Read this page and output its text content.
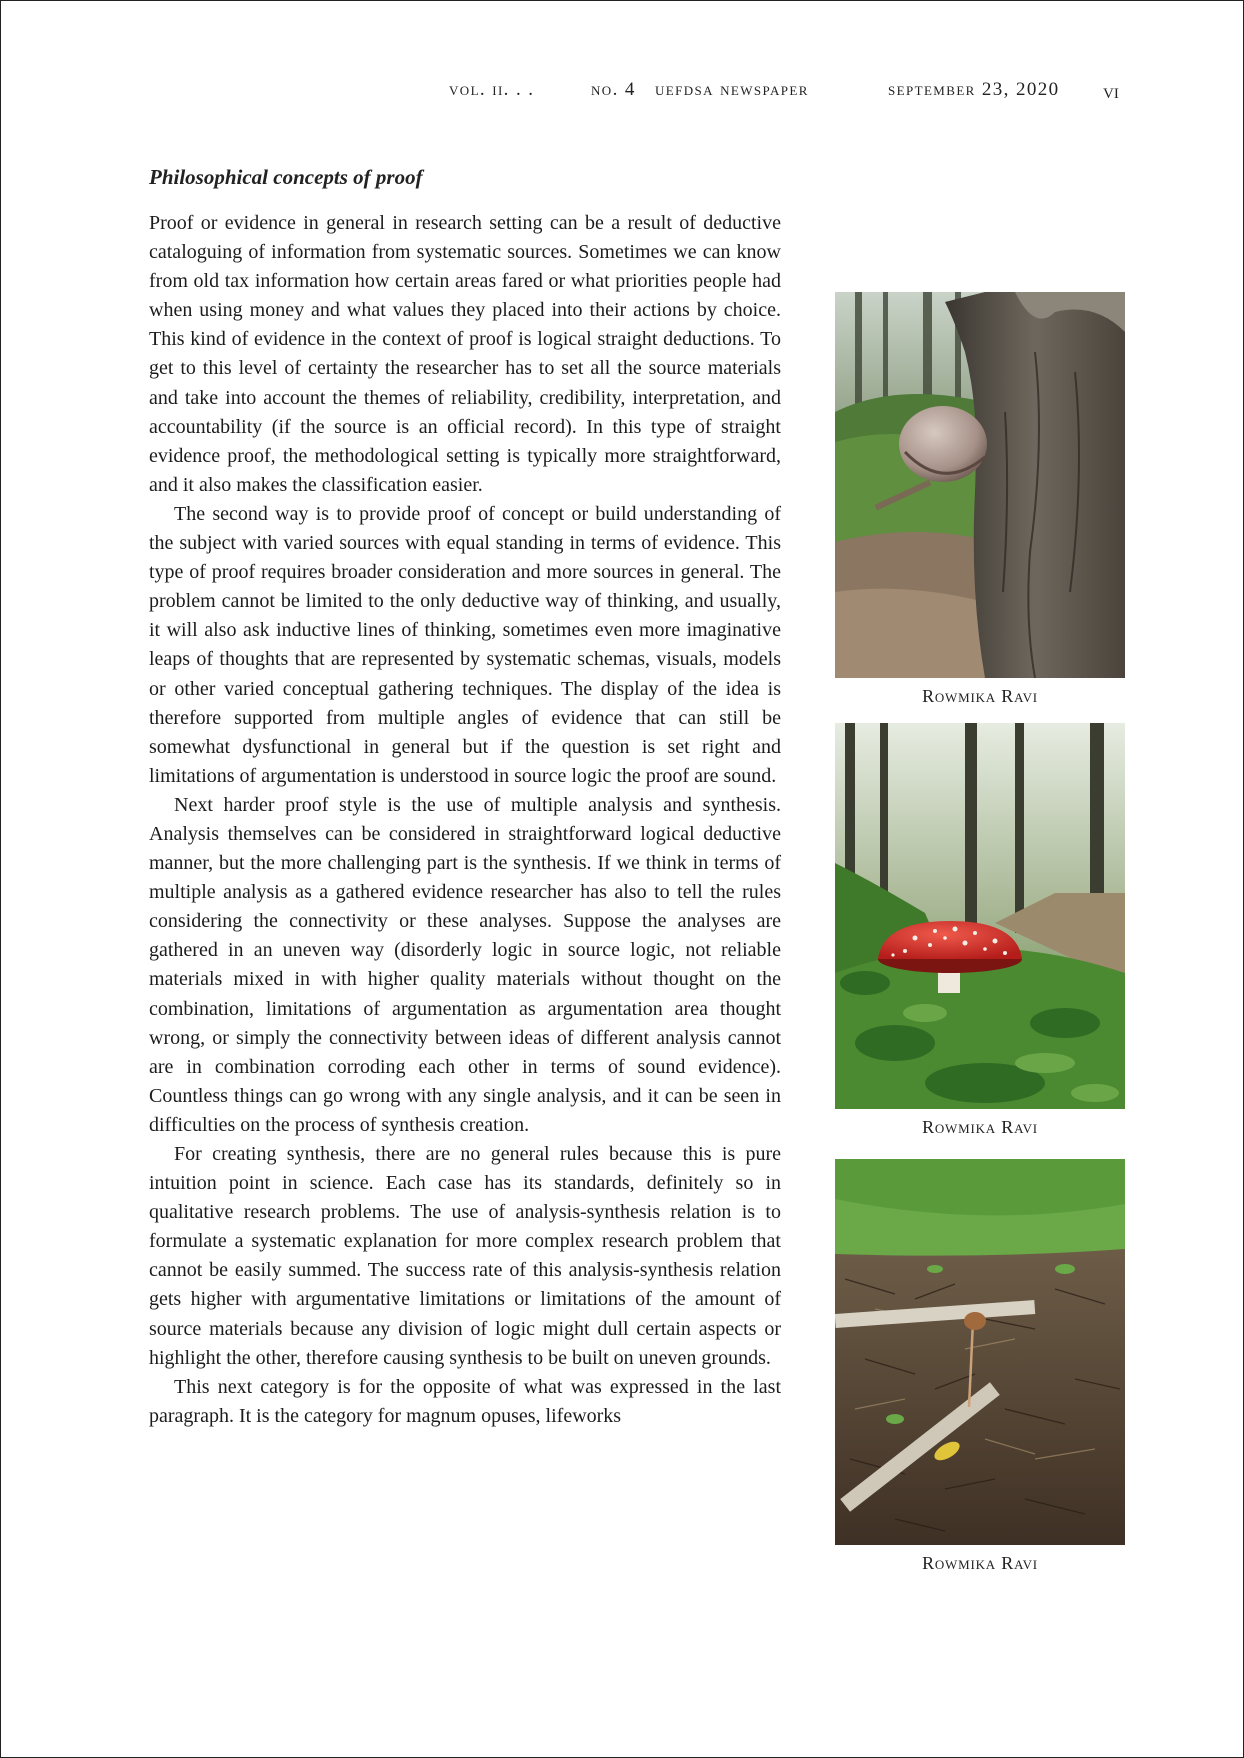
vol. ii. . .	no. 4 uefdsa newspaper	september 23, 2020 vi
Philosophical concepts of proof

Proof or evidence in general in research setting can be a result of deductive cataloguing of information from systematic sources. Sometimes we can know from old tax information how certain areas fared or what priorities people had when using money and what values they placed into their actions by choice. This kind of evidence in the context of proof is logical straight deductions. To get to this level of certainty the researcher has to set all the source materials and take into account the themes of reliability, credibility, interpretation, and accountability (if the source is an official record). In this type of straight evidence proof, the methodological setting is typically more straightforward, and it also makes the classification easier.

The second way is to provide proof of concept or build understanding of the subject with varied sources with equal standing in terms of evidence. This type of proof requires broader consideration and more sources in general. The problem cannot be limited to the only deductive way of thinking, and usually, it will also ask inductive lines of thinking, sometimes even more imaginative leaps of thoughts that are represented by systematic schemas, visuals, models or other varied conceptual gathering techniques. The display of the idea is therefore supported from multiple angles of evidence that can still be somewhat dysfunctional in general but if the question is set right and limitations of argumentation is understood in source logic the proof are sound.

Next harder proof style is the use of multiple analysis and synthesis. Analysis themselves can be considered in straightforward logical deductive manner, but the more challenging part is the synthesis. If we think in terms of multiple analysis as a gathered evidence researcher has also to tell the rules considering the connectivity or these analyses. Suppose the analyses are gathered in an uneven way (disorderly logic in source logic, not reliable materials mixed in with higher quality materials without thought on the combination, limitations of argumentation as argumentation area thought wrong, or simply the connectivity between ideas of different analysis cannot are in combination corroding each other in terms of sound evidence). Countless things can go wrong with any single analysis, and it can be seen in difficulties on the process of synthesis creation.

For creating synthesis, there are no general rules because this is pure intuition point in science. Each case has its standards, definitely so in qualitative research problems. The use of analysis-synthesis relation is to formulate a systematic explanation for more complex research problem that cannot be easily summed. The success rate of this analysis-synthesis relation gets higher with argumentative limitations or limitations of the amount of source materials because any division of logic might dull certain aspects or highlight the other, therefore causing synthesis to be built on uneven grounds.

This next category is for the opposite of what was expressed in the last paragraph. It is the category for magnum opuses, lifeworks

Rowmika Ravi
Rowmika Ravi
Rowmika Ravi
